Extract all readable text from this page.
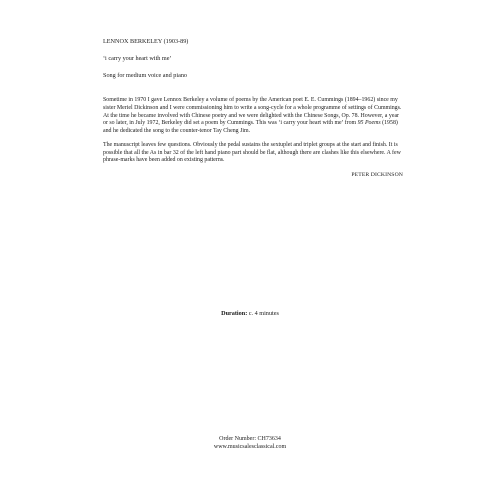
LENNOX BERKELEY (1903-89)

‘i carry your heart with me’

Song for medium voice and piano

Sometime in 1970 I gave Lennox Berkeley a volume of poems by the American poet E. E. Cummings (1894–1962) since my sister Meriel Dickinson and I were commissioning him to write a song-cycle for a whole programme of settings of Cummings. At the time he became involved with Chinese poetry and we were delighted with the Chinese Songs, Op. 78. However, a year or so later, in July 1972, Berkeley did set a poem by Cummings. This was ‘i carry your heart with me’ from 95 Poems (1958) and he dedicated the song to the counter-tenor Tay Cheng Jim.

The manuscript leaves few questions. Obviously the pedal sustains the sextuplet and triplet groups at the start and finish. It is possible that all the As in bar 32 of the left hand piano part should be flat, although there are clashes like this elsewhere. A few phrase-marks have been added on existing patterns.

PETER DICKINSON

Duration: c. 4 minutes

Order Number: CH73634

www.musicsalesclassical.com
